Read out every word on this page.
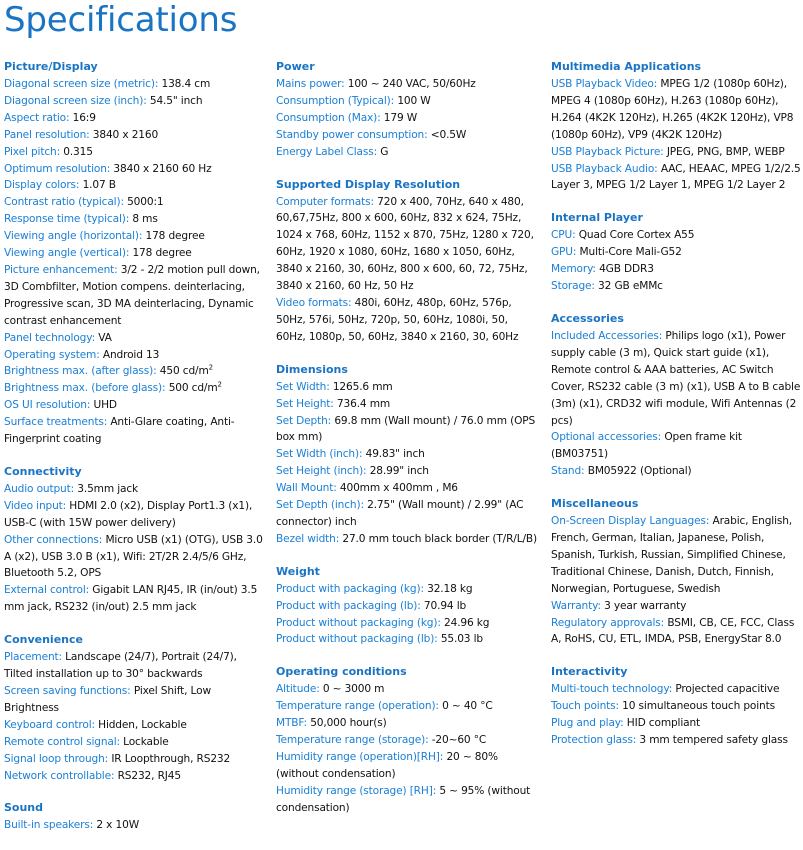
Specifications
Picture/Display
Diagonal screen size (metric): 138.4 cm
Diagonal screen size (inch): 54.5" inch
Aspect ratio: 16:9
Panel resolution: 3840 x 2160
Pixel pitch: 0.315
Optimum resolution: 3840 x 2160 60 Hz
Display colors: 1.07 B
Contrast ratio (typical): 5000:1
Response time (typical): 8 ms
Viewing angle (horizontal): 178 degree
Viewing angle (vertical): 178 degree
Picture enhancement: 3/2 - 2/2 motion pull down, 3D Combfilter, Motion compens. deinterlacing, Progressive scan, 3D MA deinterlacing, Dynamic contrast enhancement
Panel technology: VA
Operating system: Android 13
Brightness max. (after glass): 450 $cd/m^2$
Brightness max. (before glass): 500 $cd/m^2$
OS UI resolution: UHD
Surface treatments: Anti-Glare coating, Anti-Fingerprint coating
Connectivity
Audio output: 3.5mm jack
Video input: HDMI 2.0 (x2), Display Port1.3 (x1), USB-C (with 15W power delivery)
Other connections: Micro USB (x1) (OTG), USB 3.0 A (x2), USB 3.0 B (x1), Wifi: 2T/2R 2.4/5/6 GHz, Bluetooth 5.2, OPS
External control: Gigabit LAN RJ45, IR (in/out) 3.5 mm jack, RS232 (in/out) 2.5 mm jack
Convenience
Placement: Landscape (24/7), Portrait (24/7), Tilted installation up to 30° backwards
Screen saving functions: Pixel Shift, Low Brightness
Keyboard control: Hidden, Lockable
Remote control signal: Lockable
Signal loop through: IR Loopthrough, RS232
Network controllable: RS232, RJ45
Sound
Built-in speakers: 2 x 10W
Power
Mains power: 100 ~ 240 VAC, 50/60Hz
Consumption (Typical): 100 W
Consumption (Max): 179 W
Standby power consumption: <0.5W
Energy Label Class: G
Supported Display Resolution
Computer formats: 720 x 400, 70Hz, 640 x 480, 60,67,75Hz, 800 x 600, 60Hz, 832 x 624, 75Hz, 1024 x 768, 60Hz, 1152 x 870, 75Hz, 1280 x 720, 60Hz, 1920 x 1080, 60Hz, 1680 x 1050, 60Hz, 3840 x 2160, 30, 60Hz, 800 x 600, 60, 72, 75Hz, 3840 x 2160, 60 Hz, 50 Hz
Video formats: 480i, 60Hz, 480p, 60Hz, 576p, 50Hz, 576i, 50Hz, 720p, 50, 60Hz, 1080i, 50, 60Hz, 1080p, 50, 60Hz, 3840 x 2160, 30, 60Hz
Dimensions
Set Width: 1265.6 mm
Set Height: 736.4 mm
Set Depth: 69.8 mm (Wall mount) / 76.0 mm (OPS box mm)
Set Width (inch): 49.83" inch
Set Height (inch): 28.99" inch
Wall Mount: 400mm x 400mm , M6
Set Depth (inch): 2.75" (Wall mount) / 2.99" (AC connector) inch
Bezel width: 27.0 mm touch black border (T/R/L/B)
Weight
Product with packaging (kg): 32.18 kg
Product with packaging (lb): 70.94 lb
Product without packaging (kg): 24.96 kg
Product without packaging (lb): 55.03 lb
Operating conditions
Altitude: 0 ~ 3000 m
Temperature range (operation): 0 ~ 40 °C
MTBF: 50,000 hour(s)
Temperature range (storage): -20~60 °C
Humidity range (operation)[RH]: 20 ~ 80% (without condensation)
Humidity range (storage) [RH]: 5 ~ 95% (without condensation)
Multimedia Applications
USB Playback Video: MPEG 1/2 (1080p 60Hz), MPEG 4 (1080p 60Hz), H.263 (1080p 60Hz), H.264 (4K2K 120Hz), H.265 (4K2K 120Hz), VP8 (1080p 60Hz), VP9 (4K2K 120Hz)
USB Playback Picture: JPEG, PNG, BMP, WEBP
USB Playback Audio: AAC, HEAAC, MPEG 1/2/2.5 Layer 3, MPEG 1/2 Layer 1, MPEG 1/2 Layer 2
Internal Player
CPU: Quad Core Cortex A55
GPU: Multi-Core Mali-G52
Memory: 4GB DDR3
Storage: 32 GB eMMc
Accessories
Included Accessories: Philips logo (x1), Power supply cable (3 m), Quick start guide (x1), Remote control & AAA batteries, AC Switch Cover, RS232 cable (3 m) (x1), USB A to B cable (3m) (x1), CRD32 wifi module, Wifi Antennas (2 pcs)
Optional accessories: Open frame kit (BM03751)
Stand: BM05922 (Optional)
Miscellaneous
On-Screen Display Languages: Arabic, English, French, German, Italian, Japanese, Polish, Spanish, Turkish, Russian, Simplified Chinese, Traditional Chinese, Danish, Dutch, Finnish, Norwegian, Portuguese, Swedish
Warranty: 3 year warranty
Regulatory approvals: BSMI, CB, CE, FCC, Class A, RoHS, CU, ETL, IMDA, PSB, EnergyStar 8.0
Interactivity
Multi-touch technology: Projected capacitive
Touch points: 10 simultaneous touch points
Plug and play: HID compliant
Protection glass: 3 mm tempered safety glass
